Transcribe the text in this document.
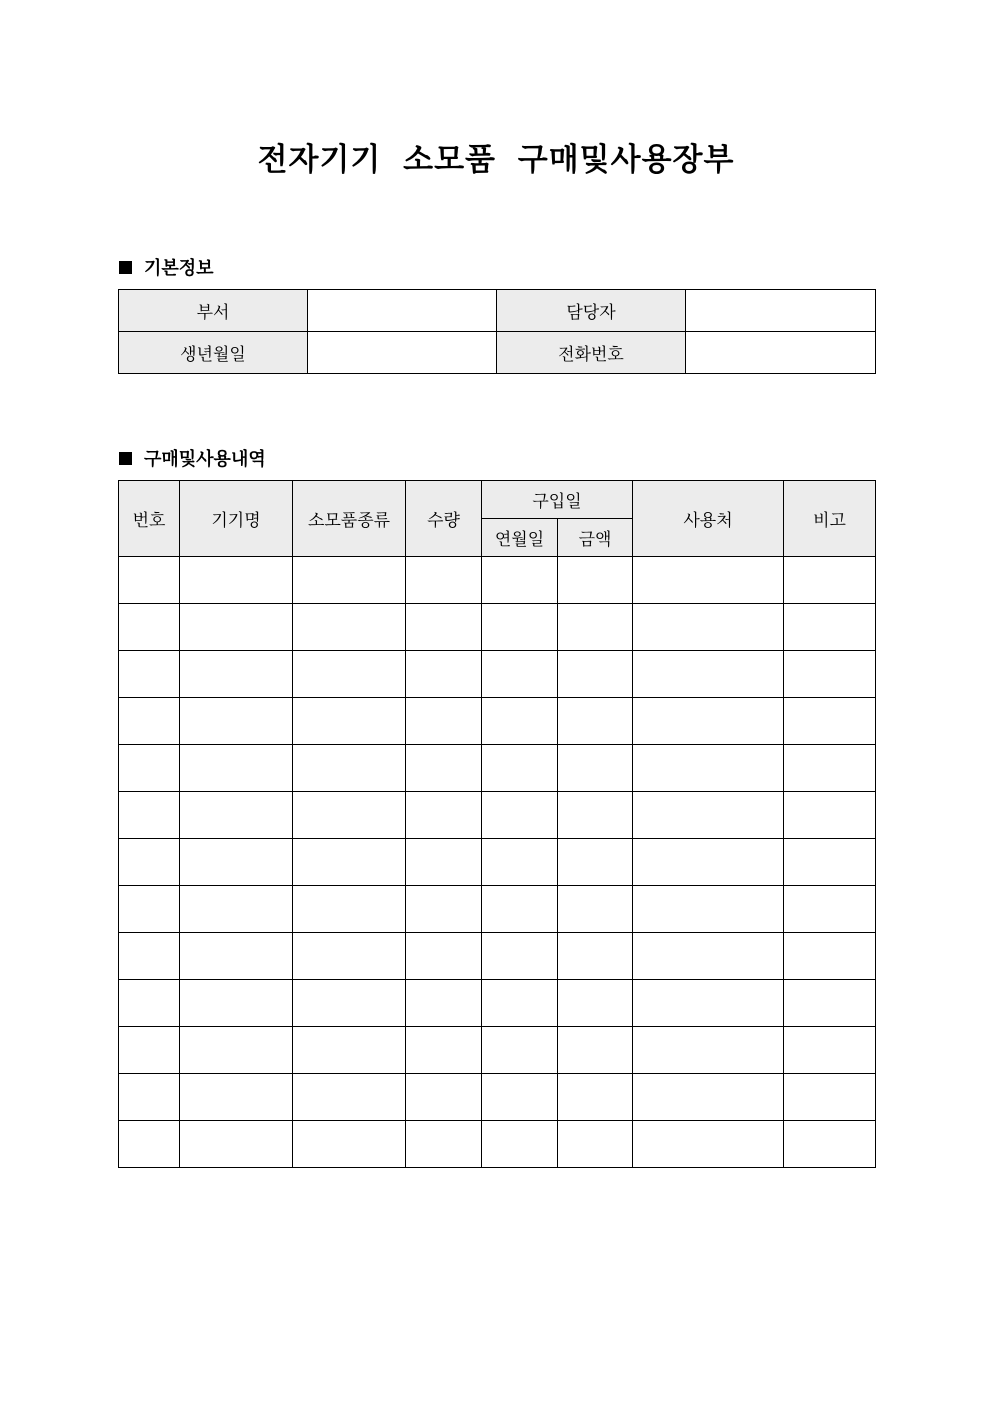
전자기기 소모품 구매및사용장부
기본정보
부서		담당자	
생년월일		전화번호	
구매및사용내역
번호	기기명	소모품종류	수량	구입일		사용처	비고
				연월일	금액		
